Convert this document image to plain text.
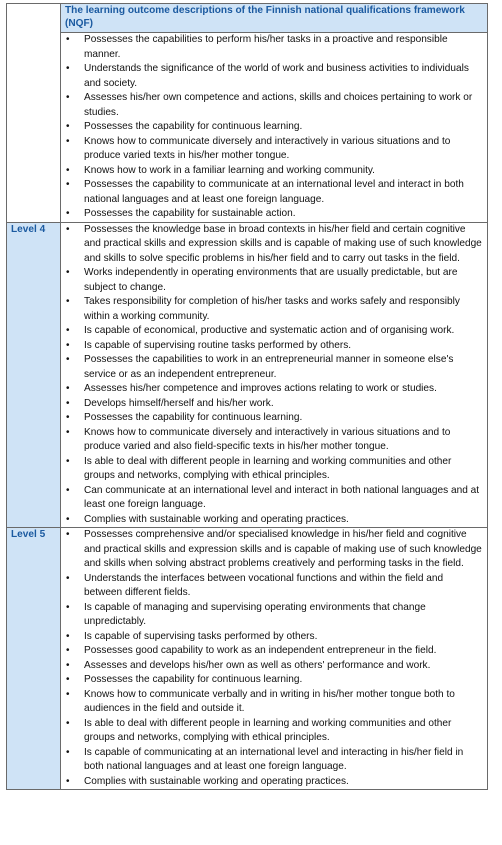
The learning outcome descriptions of the Finnish national qualifications framework (NQF)
• Possesses the capabilities to perform his/her tasks in a proactive and responsible manner.
• Understands the significance of the world of work and business activities to individuals and society.
• Assesses his/her own competence and actions, skills and choices pertaining to work or studies.
• Possesses the capability for continuous learning.
• Knows how to communicate diversely and interactively in various situations and to produce varied texts in his/her mother tongue.
• Knows how to work in a familiar learning and working community.
• Possesses the capability to communicate at an international level and interact in both national languages and at least one foreign language.
• Possesses the capability for sustainable action.
Level 4	• Possesses the knowledge base in broad contexts in his/her field and certain cognitive and practical skills and expression skills and is capable of making use of such knowledge and skills to solve specific problems in his/her field and to carry out tasks in the field.
• Works independently in operating environments that are usually predictable, but are subject to change.
• Takes responsibility for completion of his/her tasks and works safely and responsibly within a working community.
• Is capable of economical, productive and systematic action and of organising work.
• Is capable of supervising routine tasks performed by others.
• Possesses the capabilities to work in an entrepreneurial manner in someone else's service or as an independent entrepreneur.
• Assesses his/her competence and improves actions relating to work or studies.
• Develops himself/herself and his/her work.
• Possesses the capability for continuous learning.
• Knows how to communicate diversely and interactively in various situations and to produce varied and also field-specific texts in his/her mother tongue.
• Is able to deal with different people in learning and working communities and other groups and networks, complying with ethical principles.
• Can communicate at an international level and interact in both national languages and at least one foreign language.
• Complies with sustainable working and operating practices.
Level 5	• Possesses comprehensive and/or specialised knowledge in his/her field and cognitive and practical skills and expression skills and is capable of making use of such knowledge and skills when solving abstract problems creatively and performing tasks in the field.
• Understands the interfaces between vocational functions and within the field and between different fields.
• Is capable of managing and supervising operating environments that change unpredictably.
• Is capable of supervising tasks performed by others.
• Possesses good capability to work as an independent entrepreneur in the field.
• Assesses and develops his/her own as well as others' performance and work.
• Possesses the capability for continuous learning.
• Knows how to communicate verbally and in writing in his/her mother tongue both to audiences in the field and outside it.
• Is able to deal with different people in learning and working communities and other groups and networks, complying with ethical principles.
• Is capable of communicating at an international level and interacting in his/her field in both national languages and at least one foreign language.
• Complies with sustainable working and operating practices.
